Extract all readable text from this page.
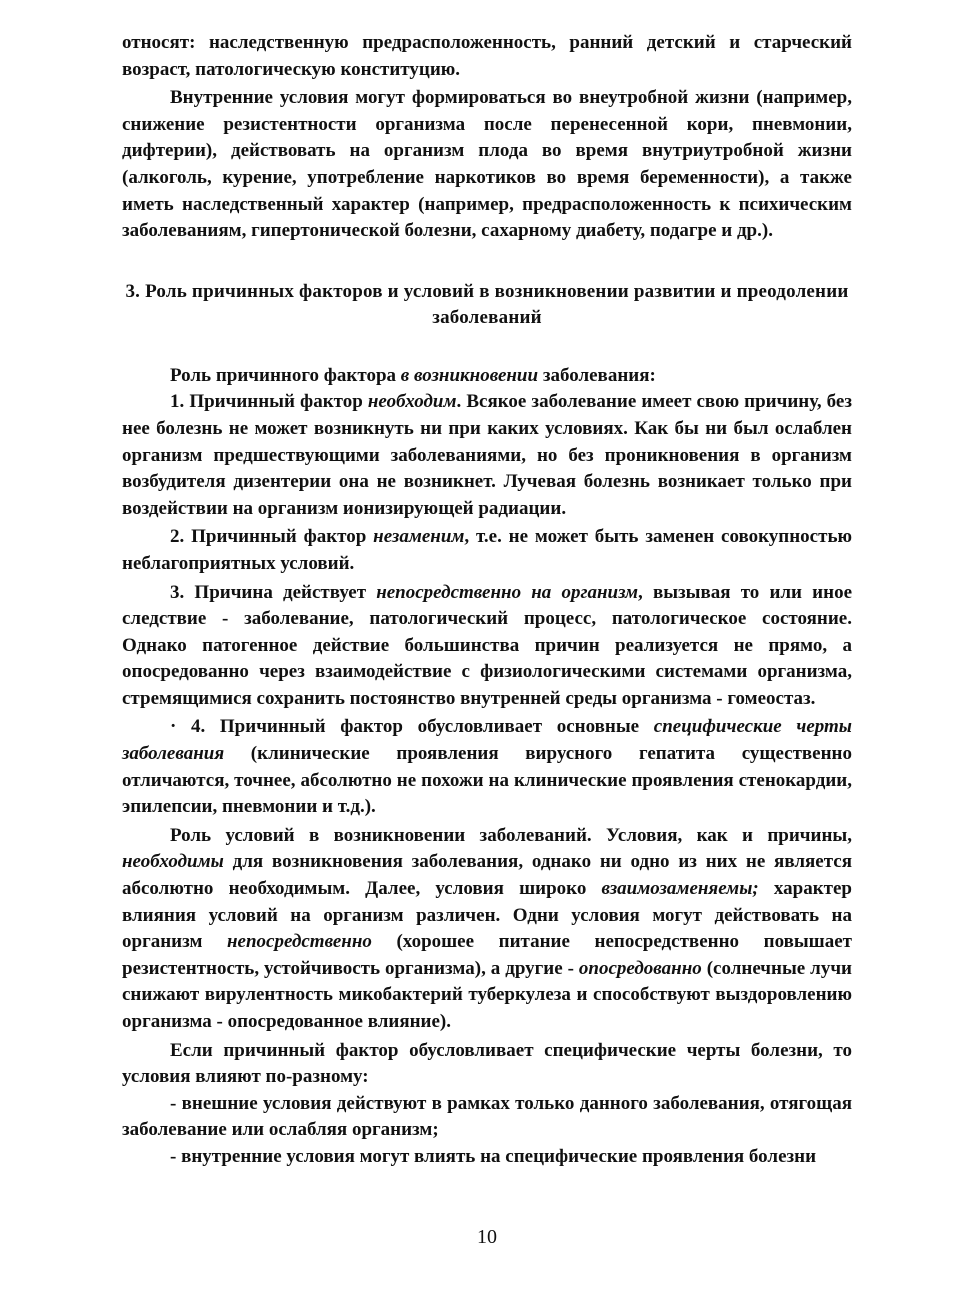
относят: наследственную предрасположенность, ранний детский и старческий возраст, патологическую конституцию.

Внутренние условия могут формироваться во внеутробной жизни (например, снижение резистентности организма после перенесенной кори, пневмонии, дифтерии), действовать на организм плода во время внутриутробной жизни (алкоголь, курение, употребление наркотиков во время беременности), а также иметь наследственный характер (например, предрасположенность к психическим заболеваниям, гипертонической болезни, сахарному диабету, подагре и др.).

3. Роль причинных факторов и условий в возникновении развитии и преодолении заболеваний

Роль причинного фактора в возникновении заболевания:

1. Причинный фактор необходим. Всякое заболевание имеет свою причину, без нее болезнь не может возникнуть ни при каких условиях. Как бы ни был ослаблен организм предшествующими заболеваниями, но без проникновения в организм возбудителя дизентерии она не возникнет. Лучевая болезнь возникает только при воздействии на организм ионизирующей радиации.

2. Причинный фактор незаменим, т.е. не может быть заменен совокупностью неблагоприятных условий.

3. Причина действует непосредственно на организм, вызывая то или иное следствие - заболевание, патологический процесс, патологическое состояние. Однако патогенное действие большинства причин реализуется не прямо, а опосредованно через взаимодействие с физиологическими системами организма, стремящимися сохранить постоянство внутренней среды организма - гомеостаз.

· 4. Причинный фактор обусловливает основные специфические черты заболевания (клинические проявления вирусного гепатита существенно отличаются, точнее, абсолютно не похожи на клинические проявления стенокардии, эпилепсии, пневмонии и т.д.).

Роль условий в возникновении заболеваний. Условия, как и причины, необходимы для возникновения заболевания, однако ни одно из них не является абсолютно необходимым. Далее, условия широко взаимозаменяемы; характер влияния условий на организм различен. Одни условия могут действовать на организм непосредственно (хорошее питание непосредственно повышает резистентность, устойчивость организма), а другие - опосредованно (солнечные лучи снижают вирулентность микобактерий туберкулеза и способствуют выздоровлению организма - опосредованное влияние).

Если причинный фактор обусловливает специфические черты болезни, то условия влияют по-разному:

- внешние условия действуют в рамках только данного заболевания, отягощая заболевание или ослабляя организм;

- внутренние условия могут влиять на специфические проявления болезни

10
